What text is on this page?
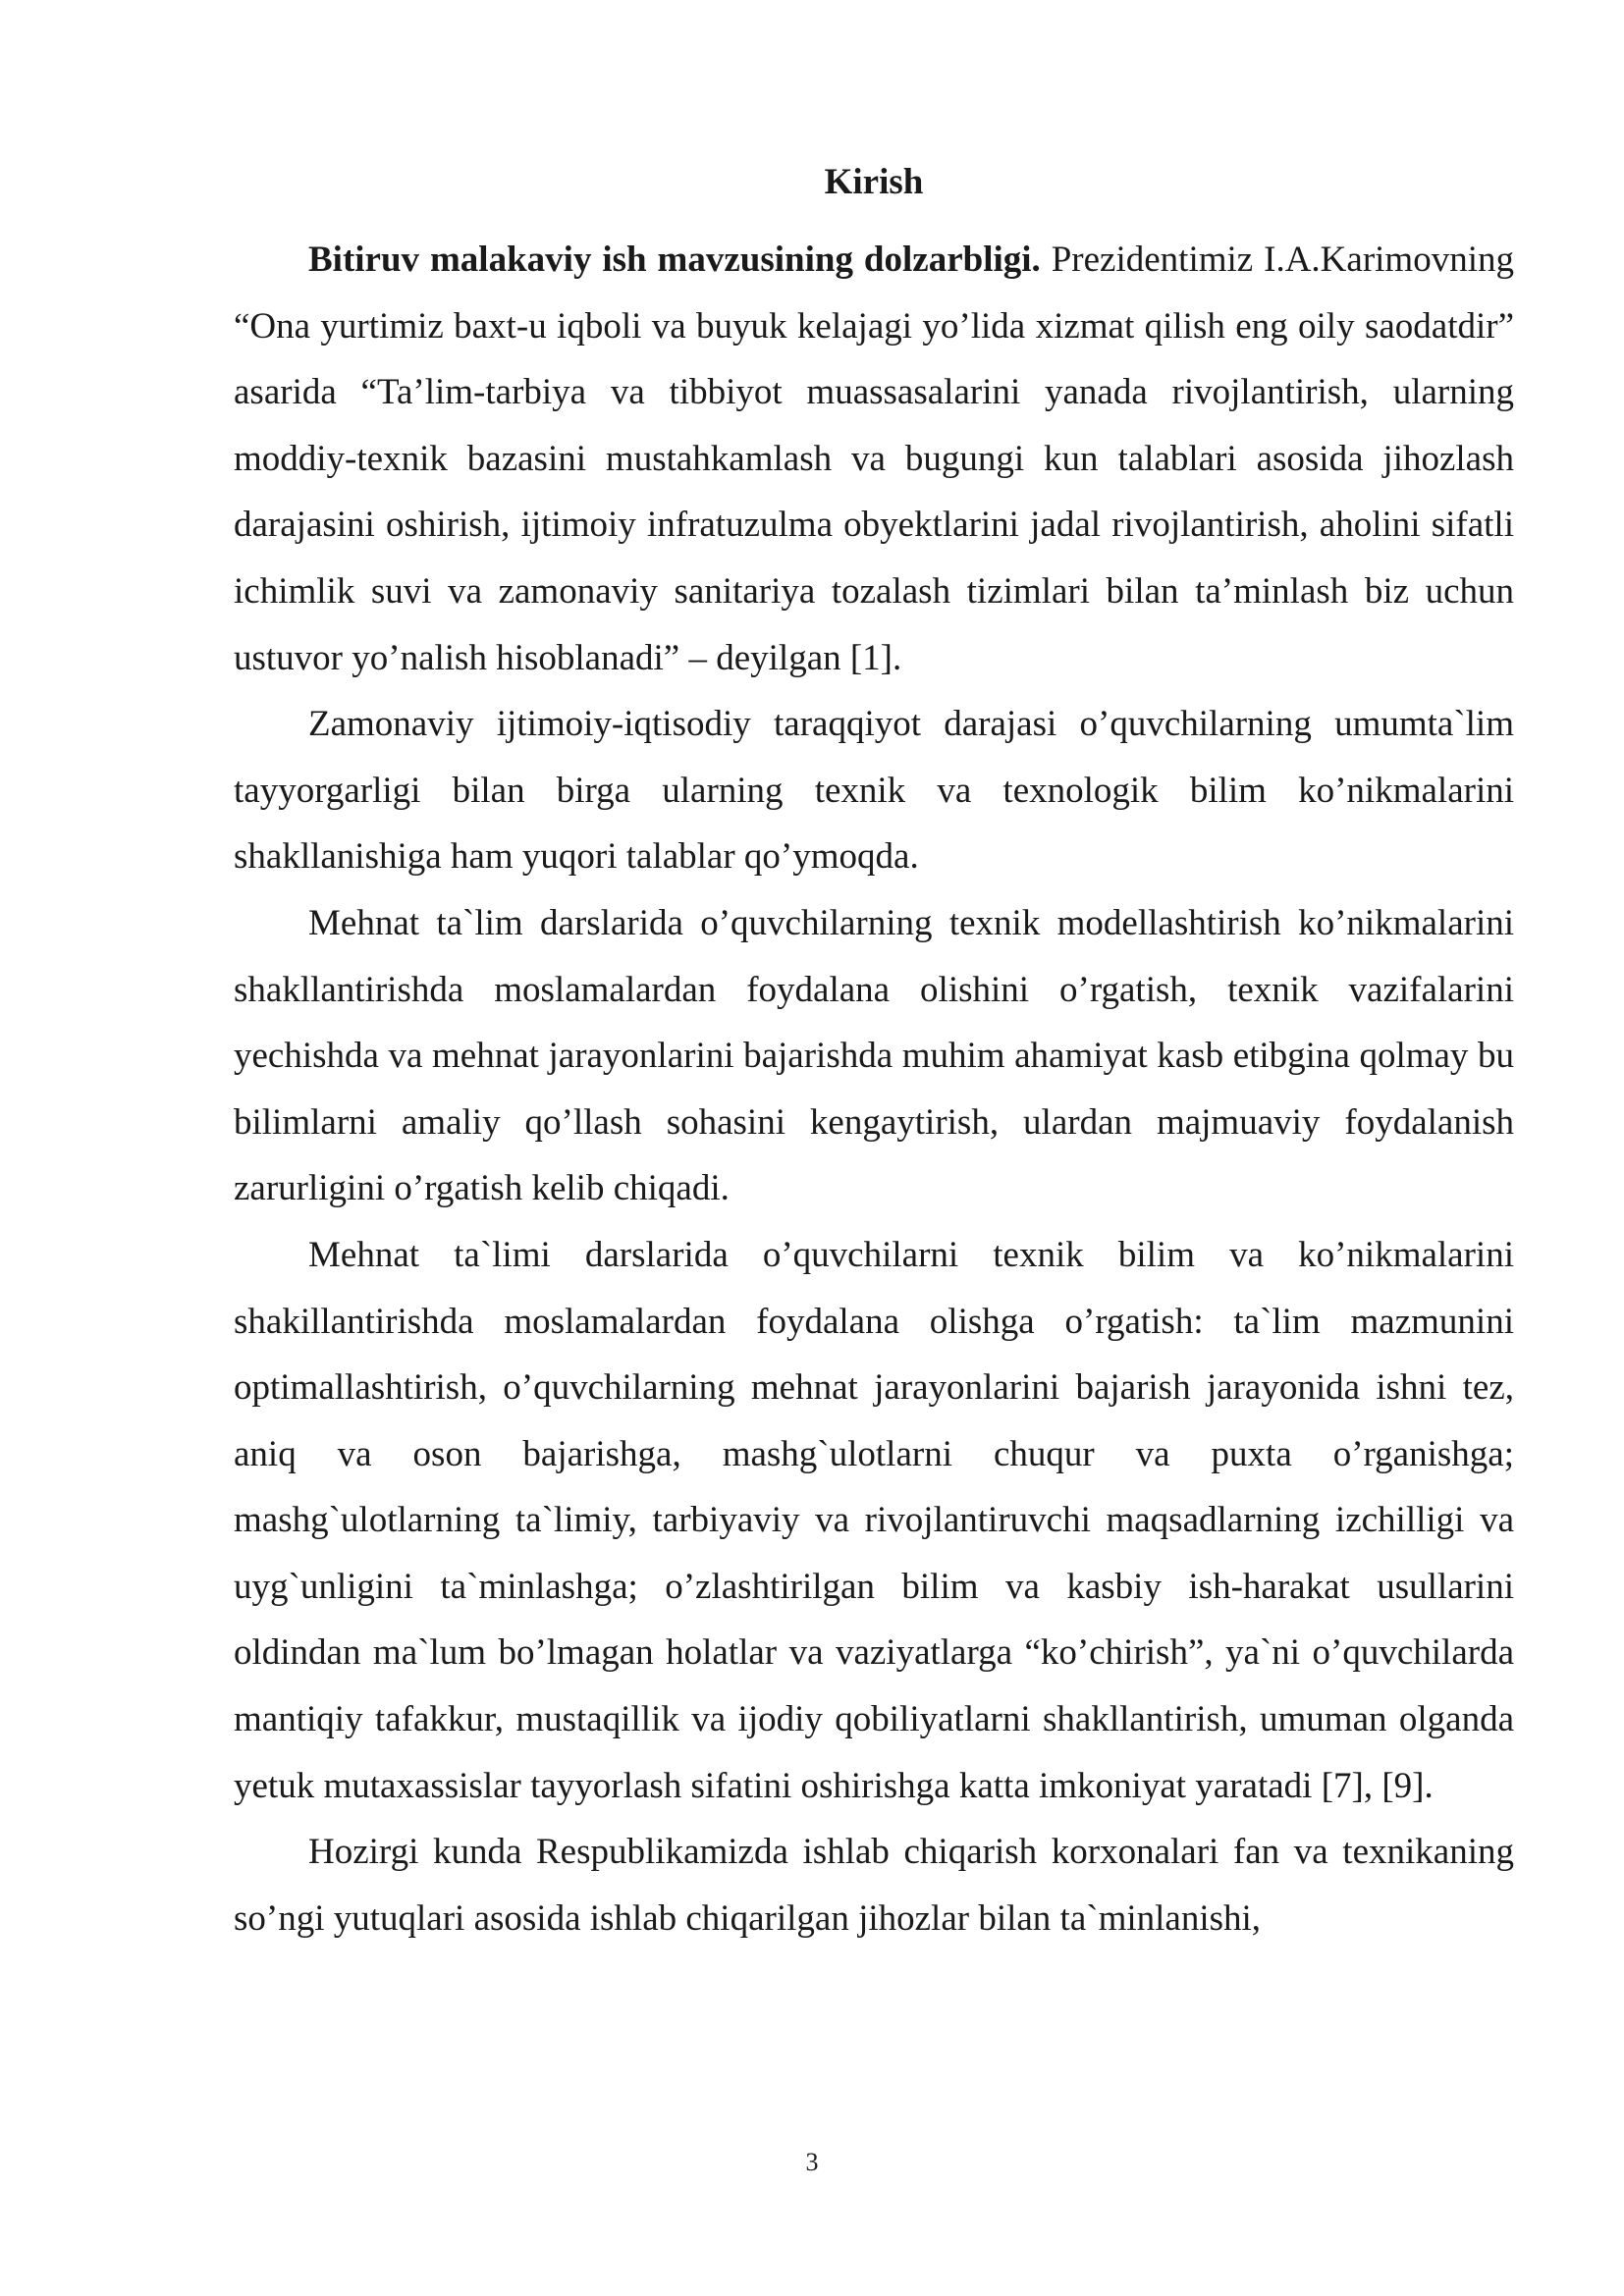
Kirish

Bitiruv malakaviy ish mavzusining dolzarbligi. Prezidentimiz I.A.Karimovning “Ona yurtimiz baxt-u iqboli va buyuk kelajagi yo’lida xizmat qilish eng oily saodatdir” asarida “Ta’lim-tarbiya va tibbiyot muassasalarini yanada rivojlantirish, ularning moddiy-texnik bazasini mustahkamlash va bugungi kun talablari asosida jihozlash darajasini oshirish, ijtimoiy infratuzulma obyektlarini jadal rivojlantirish, aholini sifatli ichimlik suvi va zamonaviy sanitariya tozalash tizimlari bilan ta’minlash biz uchun ustuvor yo’nalish hisoblanadi” – deyilgan [1].

Zamonaviy ijtimoiy-iqtisodiy taraqqiyot darajasi o’quvchilarning umumta`lim tayyorgarligi bilan birga ularning texnik va texnologik bilim ko’nikmalarini shakllanishiga ham yuqori talablar qo’ymoqda.

Mehnat ta`lim darslarida o’quvchilarning texnik modellashtirish ko’nikmalarini shakllantirishda moslamalardan foydalana olishini o’rgatish, texnik vazifalarini yechishda va mehnat jarayonlarini bajarishda muhim ahamiyat kasb etibgina qolmay bu bilimlarni amaliy qo’llash sohasini kengaytirish, ulardan majmuaviy foydalanish zarurligini o’rgatish kelib chiqadi.

Mehnat ta`limi darslarida o’quvchilarni texnik bilim va ko’nikmalarini shakillantirishda moslamalardan foydalana olishga o’rgatish: ta`lim mazmunini optimallashtirish, o’quvchilarning mehnat jarayonlarini bajarish jarayonida ishni tez, aniq va oson bajarishga, mashg`ulotlarni chuqur va puxta o’rganishga; mashg`ulotlarning ta`limiy, tarbiyaviy va rivojlantiruvchi maqsadlarning izchilligi va uyg`unligini ta`minlashga; o’zlashtirilgan bilim va kasbiy ish-harakat usullarini oldindan ma`lum bo’lmagan holatlar va vaziyatlarga “ko’chirish”, ya`ni o’quvchilarda mantiqiy tafakkur, mustaqillik va ijodiy qobiliyatlarni shakllantirish, umuman olganda yetuk mutaxassislar tayyorlash sifatini oshirishga katta imkoniyat yaratadi [7], [9].

Hozirgi kunda Respublikamizda ishlab chiqarish korxonalari fan va texnikaning so’ngi yutuqlari asosida ishlab chiqarilgan jihozlar bilan ta`minlanishi,

3
